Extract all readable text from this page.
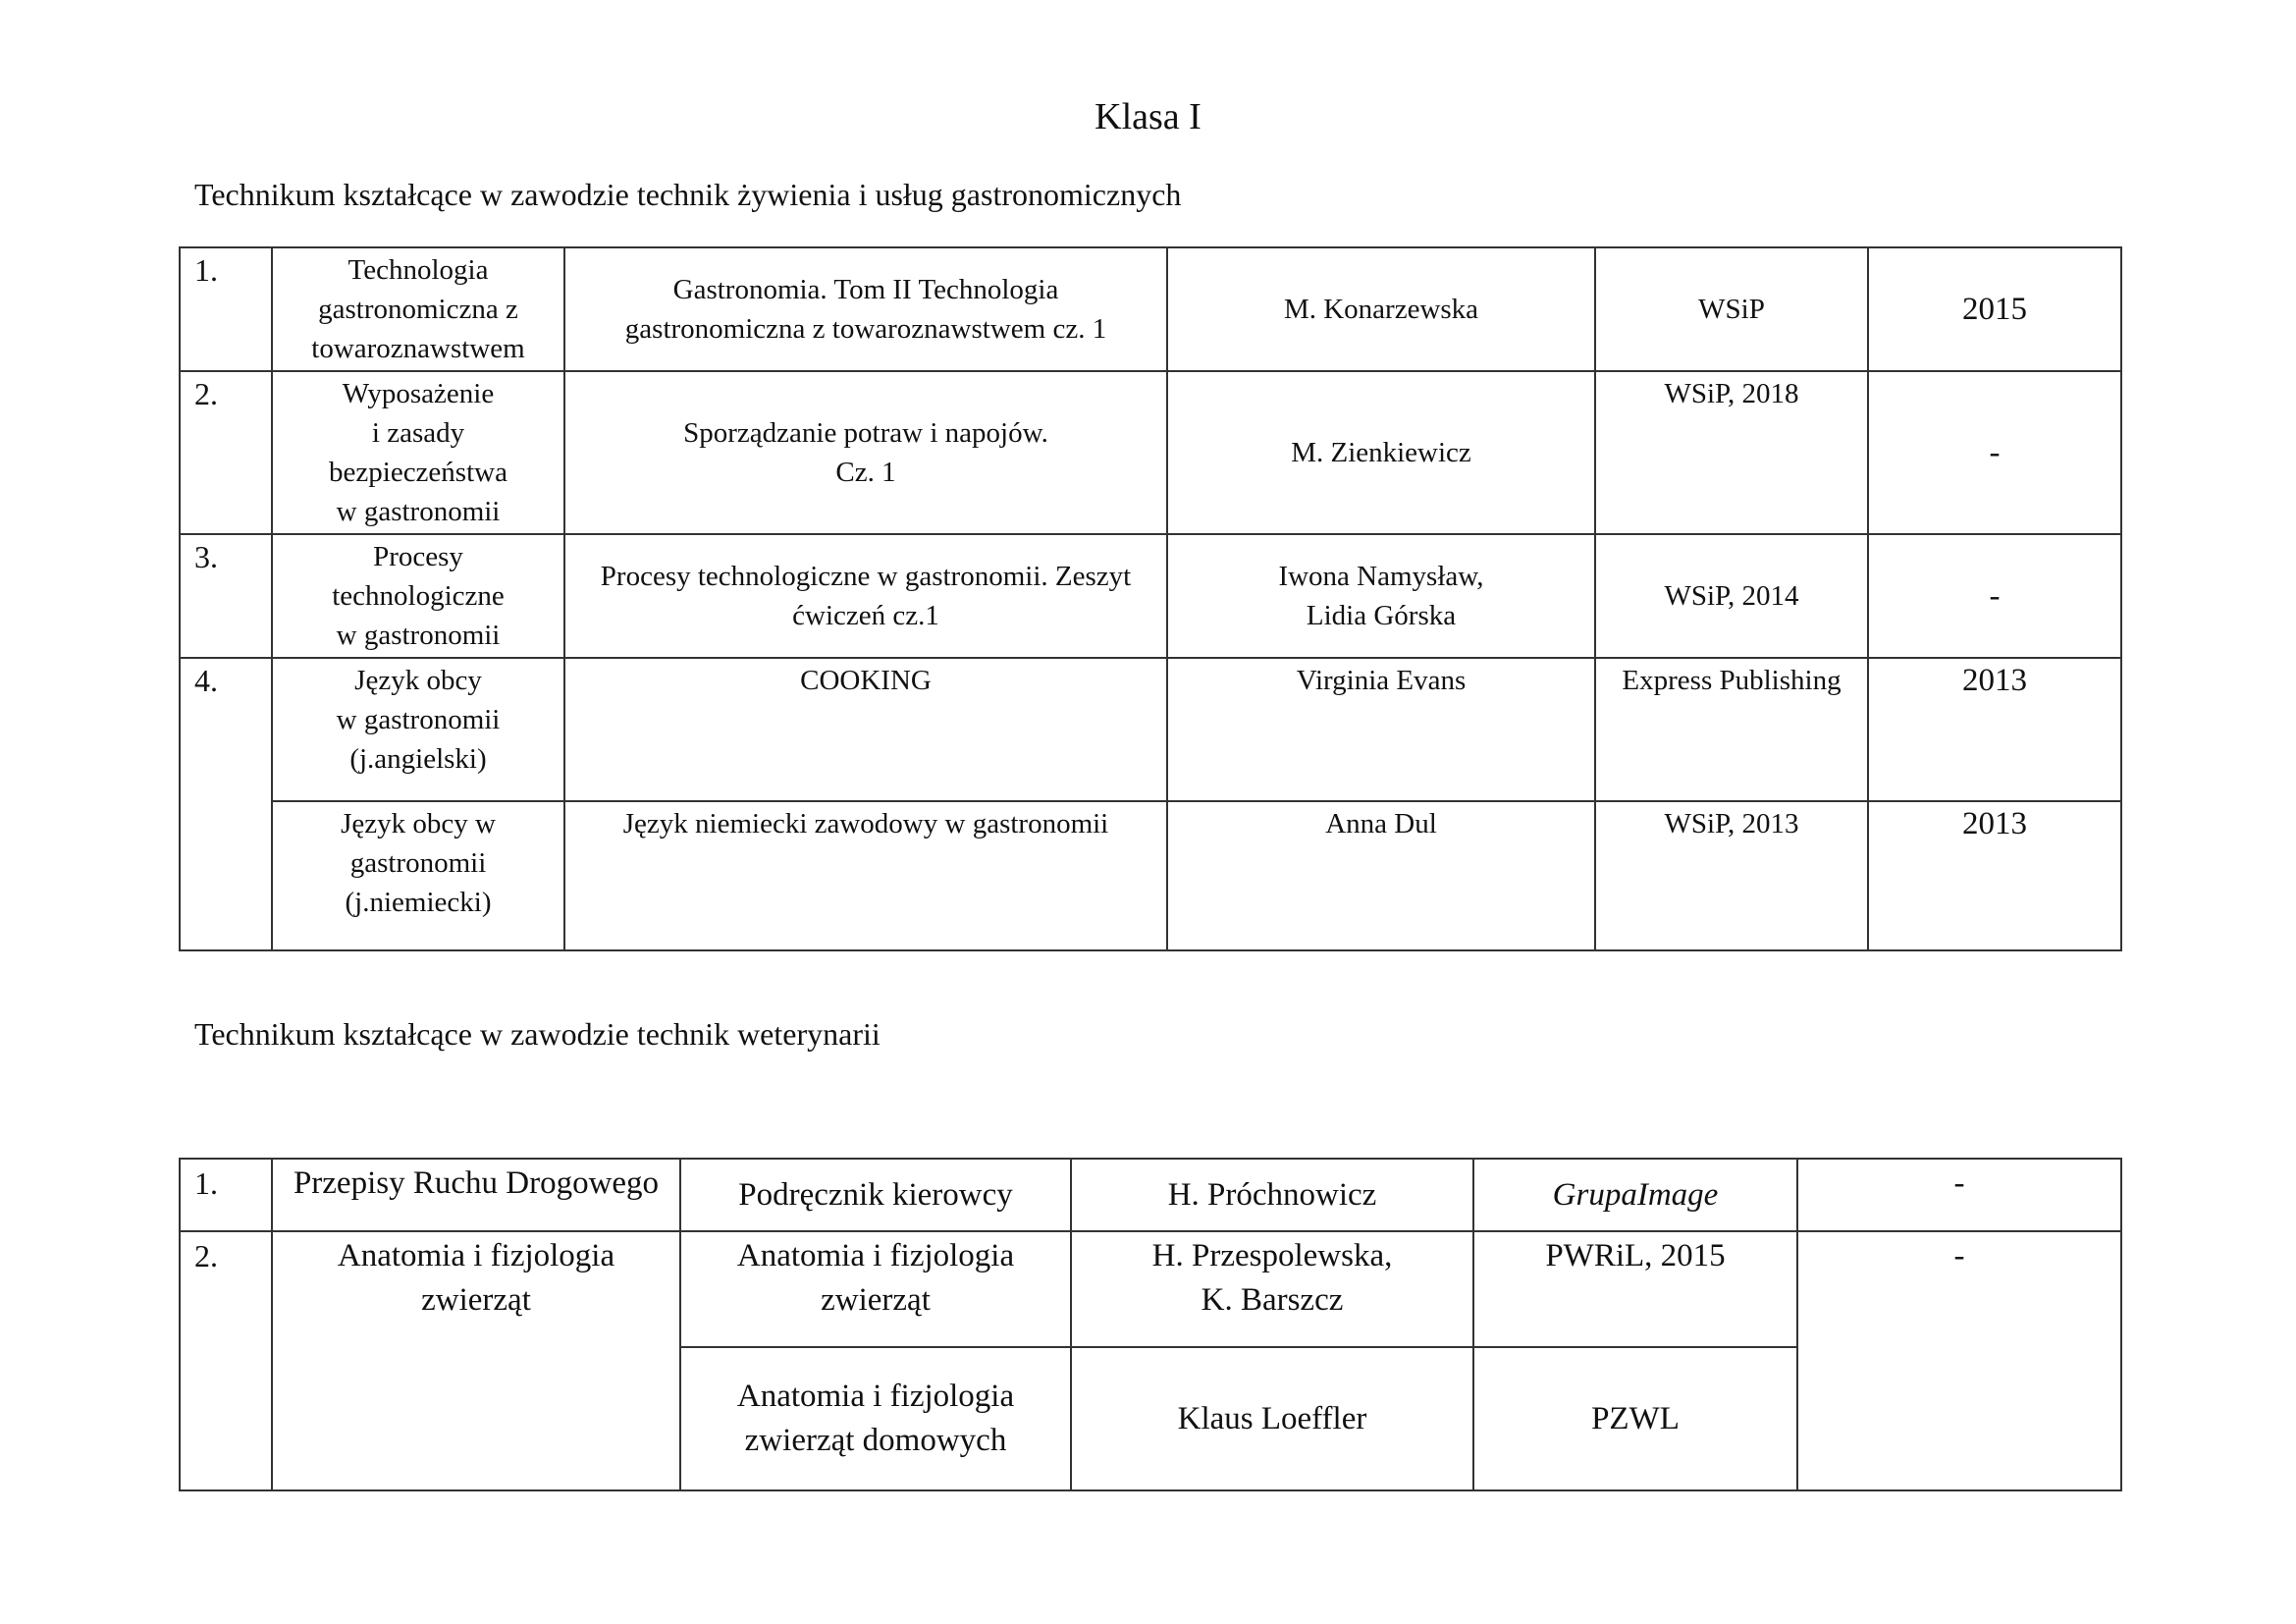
Klasa I
Technikum kształcące w zawodzie technik żywienia i usług gastronomicznych
1.	Technologia
gastronomiczna z
towaroznawstwem	Gastronomia. Tom II Technologia
gastronomiczna z towaroznawstwem cz. 1	M. Konarzewska	WSiP	2015
2.	Wyposażenie
i zasady
bezpieczeństwa
w gastronomii	Sporządzanie potraw i napojów.
Cz. 1	M. Zienkiewicz	WSiP, 2018	-
3.	Procesy
technologiczne
w gastronomii	Procesy technologiczne w gastronomii. Zeszyt
ćwiczeń cz.1	Iwona Namysław,
Lidia Górska	WSiP, 2014	-
4.	Język obcy
w gastronomii
(j.angielski)	COOKING	Virginia Evans	Express Publishing	2013
	Język obcy w
gastronomii
(j.niemiecki)	Język niemiecki zawodowy w gastronomii	Anna Dul	WSiP, 2013	2013
Technikum kształcące w zawodzie technik weterynarii
1.	Przepisy Ruchu Drogowego	Podręcznik kierowcy	H. Próchnowicz	GrupaImage	-
2.	Anatomia i fizjologia
zwierząt	Anatomia i fizjologia
zwierząt	H. Przespolewska,
K. Barszcz	PWRiL, 2015	-
		Anatomia i fizjologia
zwierząt domowych	Klaus Loeffler	PZWL	
